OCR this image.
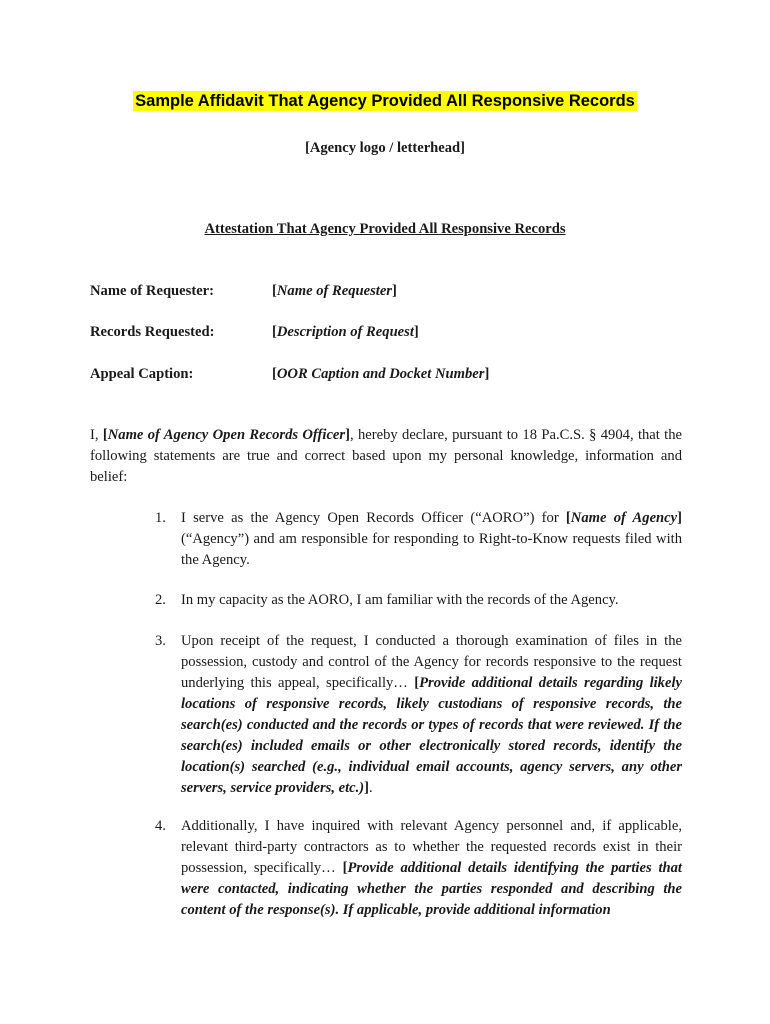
Sample Affidavit That Agency Provided All Responsive Records
[Agency logo / letterhead]
Attestation That Agency Provided All Responsive Records
Name of Requester:	[Name of Requester]
Records Requested:	[Description of Request]
Appeal Caption:	[OOR Caption and Docket Number]
I, [Name of Agency Open Records Officer], hereby declare, pursuant to 18 Pa.C.S. § 4904, that the following statements are true and correct based upon my personal knowledge, information and belief:
1.	I serve as the Agency Open Records Officer (“AORO”) for [Name of Agency] (“Agency”) and am responsible for responding to Right-to-Know requests filed with the Agency.
2.	In my capacity as the AORO, I am familiar with the records of the Agency.
3.	Upon receipt of the request, I conducted a thorough examination of files in the possession, custody and control of the Agency for records responsive to the request underlying this appeal, specifically… [Provide additional details regarding likely locations of responsive records, likely custodians of responsive records, the search(es) conducted and the records or types of records that were reviewed. If the search(es) included emails or other electronically stored records, identify the location(s) searched (e.g., individual email accounts, agency servers, any other servers, service providers, etc.)].
4.	Additionally, I have inquired with relevant Agency personnel and, if applicable, relevant third-party contractors as to whether the requested records exist in their possession, specifically… [Provide additional details identifying the parties that were contacted, indicating whether the parties responded and describing the content of the response(s). If applicable, provide additional information
